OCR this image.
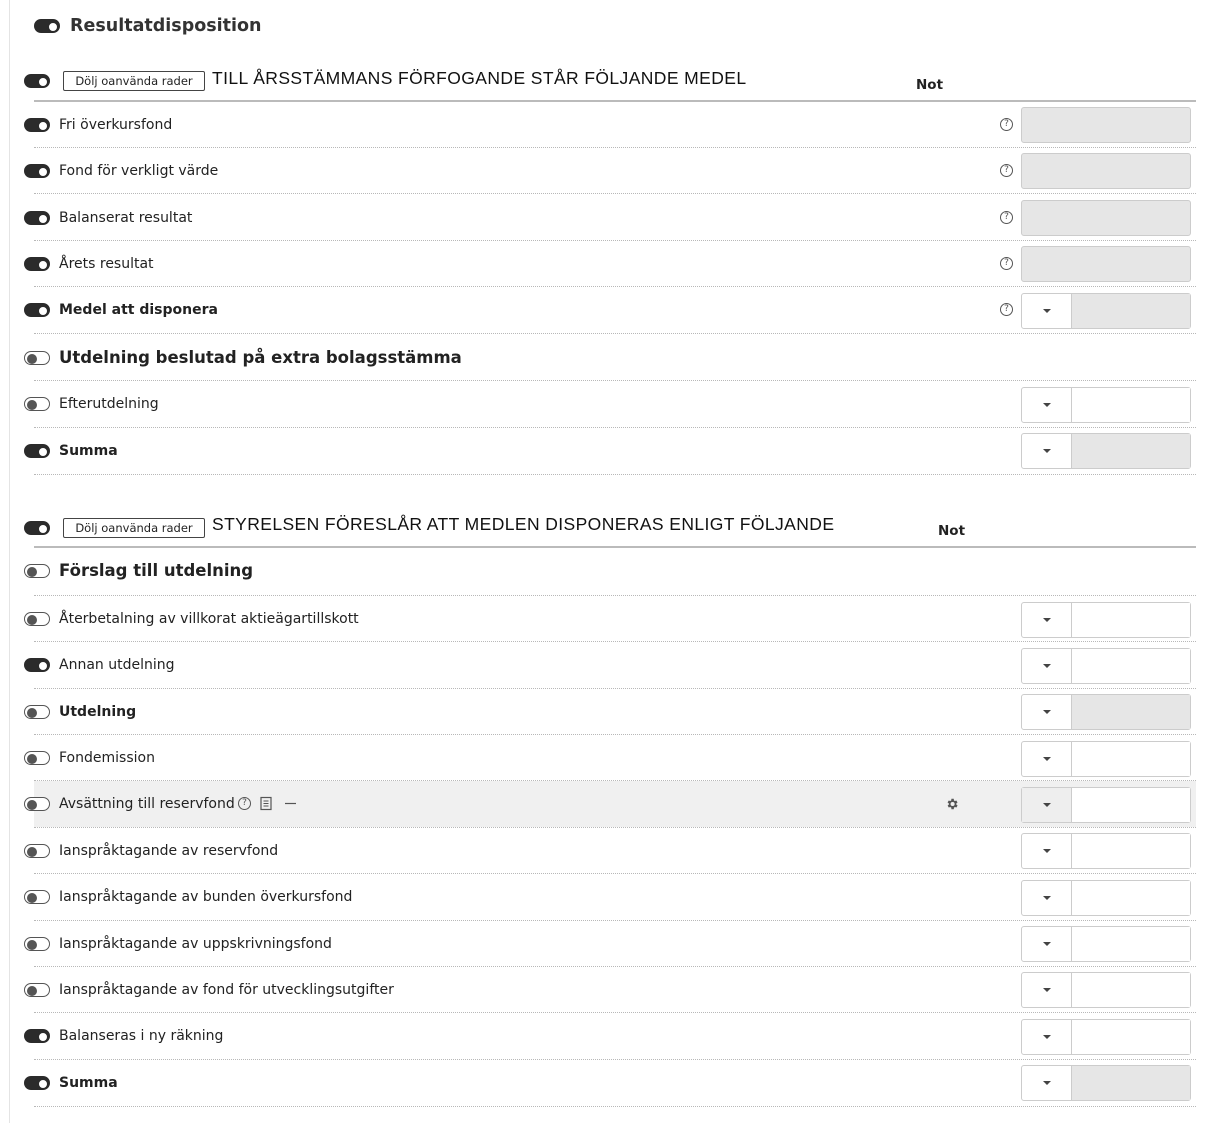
Resultatdisposition
Dölj oanvända rader	TILL ÅRSSTÄMMANS FÖRFOGANDE STÅR FÖLJANDE MEDEL	Not
Fri överkursfond	?
Fond för verkligt värde	?
Balanserat resultat	?
Årets resultat	?
Medel att disponera	?
Utdelning beslutad på extra bolagsstämma
Efterutdelning
Summa
Dölj oanvända rader	STYRELSEN FÖRESLÅR ATT MEDLEN DISPONERAS ENLIGT FÖLJANDE	Not
Förslag till utdelning
Återbetalning av villkorat aktieägartillskott
Annan utdelning
Utdelning
Fondemission
Avsättning till reservfond ?
Ianspråktagande av reservfond
Ianspråktagande av bunden överkursfond
Ianspråktagande av uppskrivningsfond
Ianspråktagande av fond för utvecklingsutgifter
Balanseras i ny räkning
Summa
